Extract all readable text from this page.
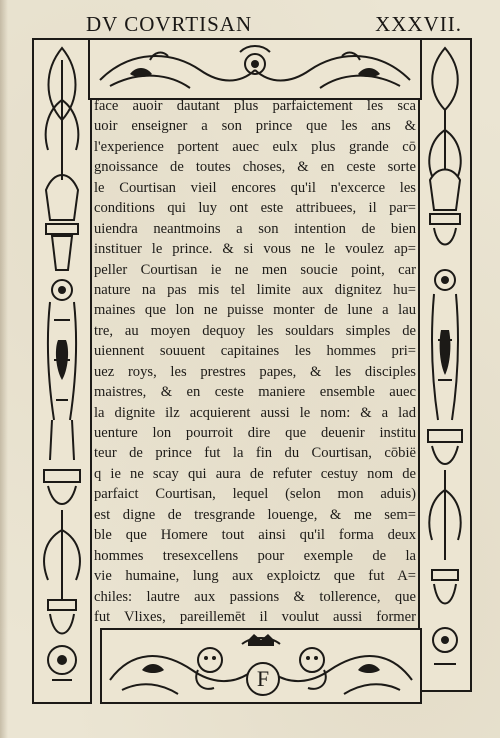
DV COVRTISAN	XXXVII.
face auoir dautant plus parfaictement les sca
uoir enseigner a son prince que les ans &
l'experience portent auec eulx plus grande cō
gnoissance de toutes choses, & en ceste sorte
le Courtisan vieil encores qu'il n'excerce les
conditions qui luy ont este attribuees, il par=
uiendra neantmoins a son intention de bien
instituer le prince. & si vous ne le voulez ap=
peller Courtisan ie ne men soucie point, car
nature na pas mis tel limite aux dignitez hu=
maines que lon ne puisse monter de lune a lau
tre, au moyen dequoy les souldars simples de
uiennent souuent capitaines les hommes pri=
uez roys, les prestres papes, & les disciples
maistres, & en ceste maniere ensemble auec
la dignite ilz acquierent aussi le nom: & a lad
uenture lon pourroit dire que deuenir institu
teur de prince fut la fin du Courtisan, cōbië
q ie ne scay qui aura de refuter cestuy nom de
parfaict Courtisan, lequel (selon mon aduis)
est digne de tresgrande louenge, & me sem=
ble que Homere tout ainsi qu'il forma deux
hommes tresexcellens pour exemple de la
vie humaine, lung aux exploictz que fut A=
chiles: lautre aux passions & tollerence, que
fut Vlixes, pareillemēt il voulut aussi former
F
